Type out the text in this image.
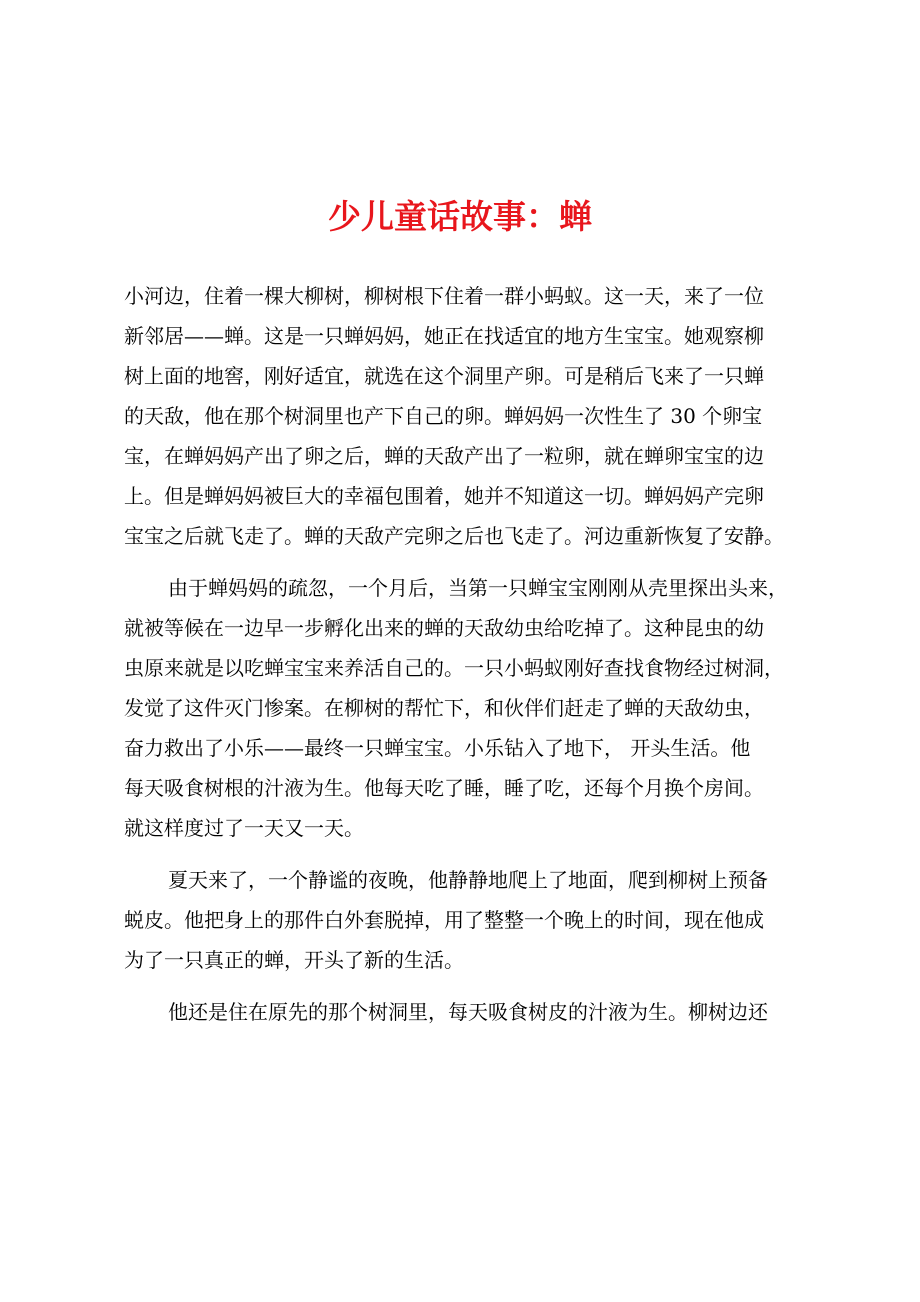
少儿童话故事：蝉

小河边，住着一棵大柳树，柳树根下住着一群小蚂蚁。这一天，来了一位
新邻居——蝉。这是一只蝉妈妈，她正在找适宜的地方生宝宝。她观察柳
树上面的地窖，刚好适宜，就选在这个洞里产卵。可是稍后飞来了一只蝉
的天敌，他在那个树洞里也产下自己的卵。蝉妈妈一次性生了 30 个卵宝
宝，在蝉妈妈产出了卵之后，蝉的天敌产出了一粒卵，就在蝉卵宝宝的边
上。但是蝉妈妈被巨大的幸福包围着，她并不知道这一切。蝉妈妈产完卵
宝宝之后就飞走了。蝉的天敌产完卵之后也飞走了。河边重新恢复了安静。

由于蝉妈妈的疏忽，一个月后，当第一只蝉宝宝刚刚从壳里探出头来，
就被等候在一边早一步孵化出来的蝉的天敌幼虫给吃掉了。这种昆虫的幼
虫原来就是以吃蝉宝宝来养活自己的。一只小蚂蚁刚好查找食物经过树洞，
发觉了这件灭门惨案。在柳树的帮忙下，和伙伴们赶走了蝉的天敌幼虫，
奋力救出了小乐——最终一只蝉宝宝。小乐钻入了地下， 开头生活。他
每天吸食树根的汁液为生。他每天吃了睡，睡了吃，还每个月换个房间。
就这样度过了一天又一天。

夏天来了，一个静谧的夜晚，他静静地爬上了地面，爬到柳树上预备
蜕皮。他把身上的那件白外套脱掉，用了整整一个晚上的时间，现在他成
为了一只真正的蝉，开头了新的生活。

他还是住在原先的那个树洞里，每天吸食树皮的汁液为生。柳树边还
